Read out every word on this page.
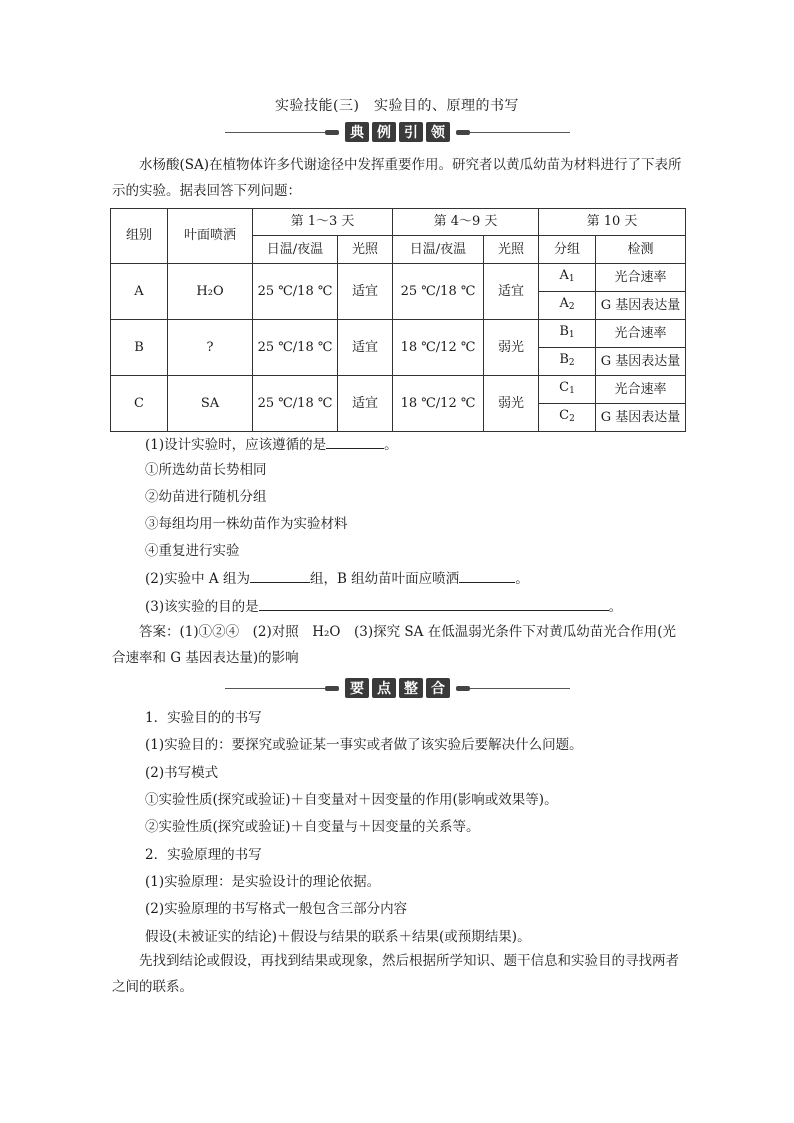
实验技能(三)　实验目的、原理的书写
典 例 引 领
水杨酸(SA)在植物体许多代谢途径中发挥重要作用。研究者以黄瓜幼苗为材料进行了下表所示的实验。据表回答下列问题：
组别	叶面喷洒	第 1～3 天		第 4～9 天		第 10 天	
		日温/夜温	光照	日温/夜温	光照	分组	检测
A	H₂O	25 ℃/18 ℃	适宜	25 ℃/18 ℃	适宜	$A_1$	光合速率
						$A_2$	G 基因表达量
B	?	25 ℃/18 ℃	适宜	18 ℃/12 ℃	弱光	$B_1$	光合速率
						$B_2$	G 基因表达量
C	SA	25 ℃/18 ℃	适宜	18 ℃/12 ℃	弱光	$C_1$	光合速率
						$C_2$	G 基因表达量
(1)设计实验时，应该遵循的是	。
①所选幼苗长势相同
②幼苗进行随机分组
③每组均用一株幼苗作为实验材料
④重复进行实验
(2)实验中 A 组为	组，B 组幼苗叶面应喷洒	。
(3)该实验的目的是	。
答案：(1)①②④　(2)对照　H₂O　(3)探究 SA 在低温弱光条件下对黄瓜幼苗光合作用(光合速率和 G 基因表达量)的影响
要 点 整 合
1．实验目的的书写
(1)实验目的：要探究或验证某一事实或者做了该实验后要解决什么问题。
(2)书写模式
①实验性质(探究或验证)＋自变量对＋因变量的作用(影响或效果等)。
②实验性质(探究或验证)＋自变量与＋因变量的关系等。
2．实验原理的书写
(1)实验原理：是实验设计的理论依据。
(2)实验原理的书写格式一般包含三部分内容
假设(未被证实的结论)＋假设与结果的联系＋结果(或预期结果)。
先找到结论或假设，再找到结果或现象，然后根据所学知识、题干信息和实验目的寻找两者之间的联系。
